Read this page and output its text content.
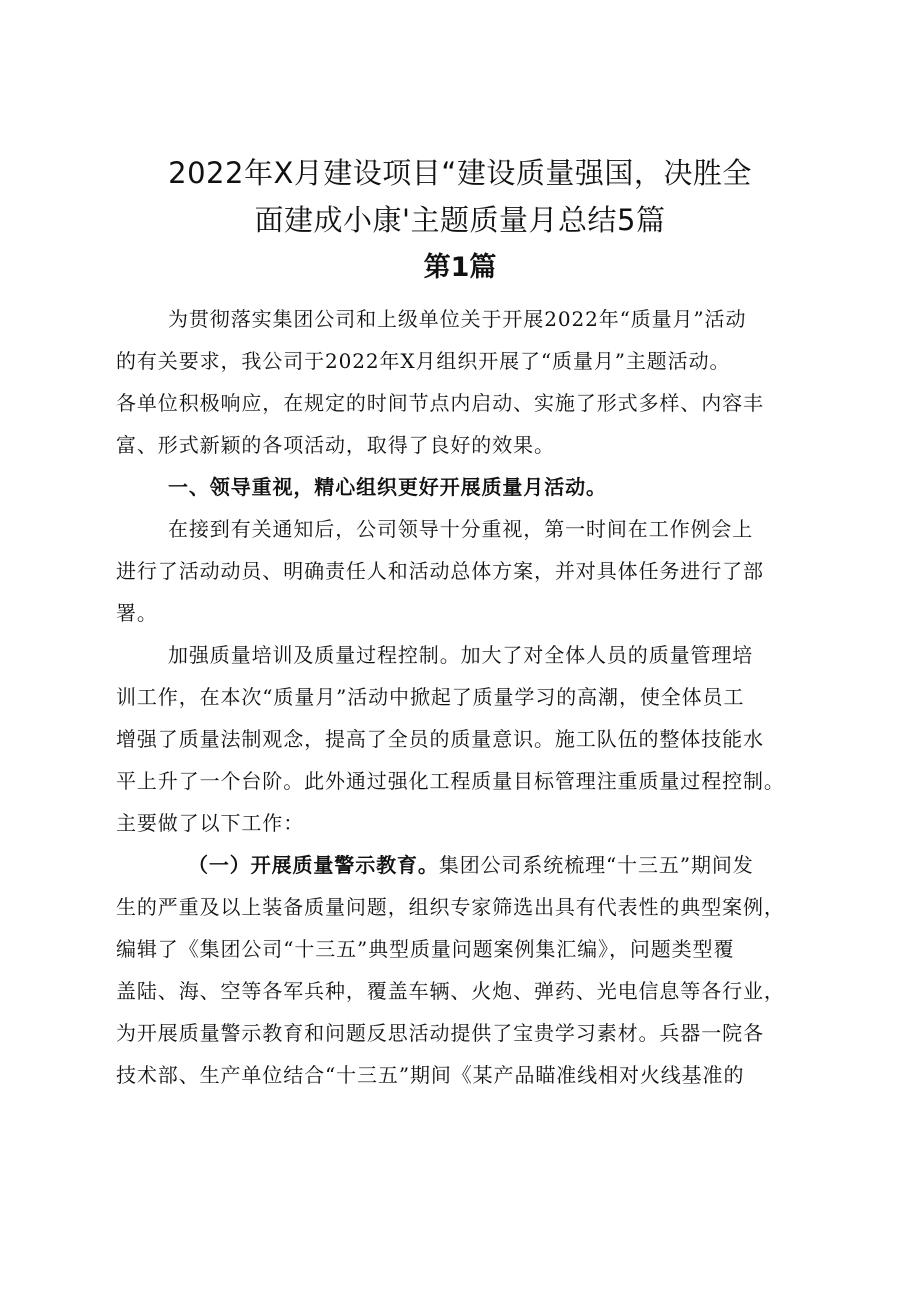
2022年X月建设项目“建设质量强国，决胜全
面建成小康'主题质量月总结5篇
第1篇
为贯彻落实集团公司和上级单位关于开展2022年“质量月”活动
的有关要求，我公司于2022年X月组织开展了“质量月”主题活动。
各单位积极响应，在规定的时间节点内启动、实施了形式多样、内容丰
富、形式新颖的各项活动，取得了良好的效果。
一、领导重视，精心组织更好开展质量月活动。
在接到有关通知后，公司领导十分重视，第一时间在工作例会上
进行了活动动员、明确责任人和活动总体方案，并对具体任务进行了部
署。
加强质量培训及质量过程控制。加大了对全体人员的质量管理培
训工作，在本次“质量月”活动中掀起了质量学习的高潮，使全体员工
增强了质量法制观念，提高了全员的质量意识。施工队伍的整体技能水
平上升了一个台阶。此外通过强化工程质量目标管理注重质量过程控制。
主要做了以下工作：
（一）开展质量警示教育。集团公司系统梳理“十三五”期间发
生的严重及以上装备质量问题，组织专家筛选出具有代表性的典型案例，
编辑了《集团公司“十三五”典型质量问题案例集汇编》，问题类型覆
盖陆、海、空等各军兵种，覆盖车辆、火炮、弹药、光电信息等各行业，
为开展质量警示教育和问题反思活动提供了宝贵学习素材。兵器一院各
技术部、生产单位结合“十三五”期间《某产品瞄准线相对火线基准的
